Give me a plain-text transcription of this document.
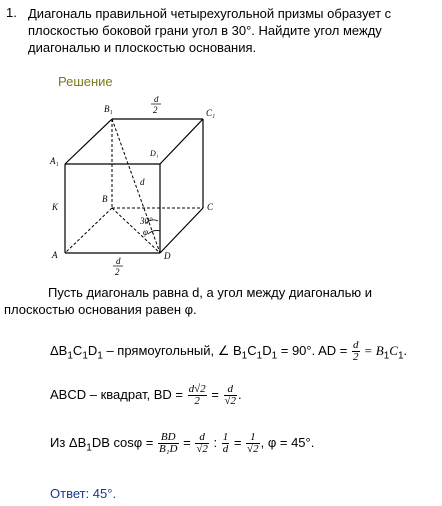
1. Диагональ правильной четырехугольной призмы образует с плоскостью боковой грани угол в 30°. Найдите угол между диагональю и плоскостью основания.
Решение
B₁	C₁
A₁
D₁
B
C
K
A	D
d
30°
φ
d
2
d
2
Пусть диагональ равна d, а угол между диагональю и плоскостью основания равен φ.
$\Delta B_1C_1D_1$ – прямоугольный, ∠ $B_1C_1D_1 = 90^\circ$. AD = $\frac{d}{2} = B_1C_1$.
ABCD – квадрат, BD = $\frac{d√2}{2} = \frac{d}{√2}$ .
Из $\Delta B_1DB$ $\cos\varphi = \frac{BD}{\text{B₁D}} = \frac{d}{√2}$ : $\frac{1}{d} = \frac{1}{√2}$ , φ = 45°.
Ответ: 45°.
